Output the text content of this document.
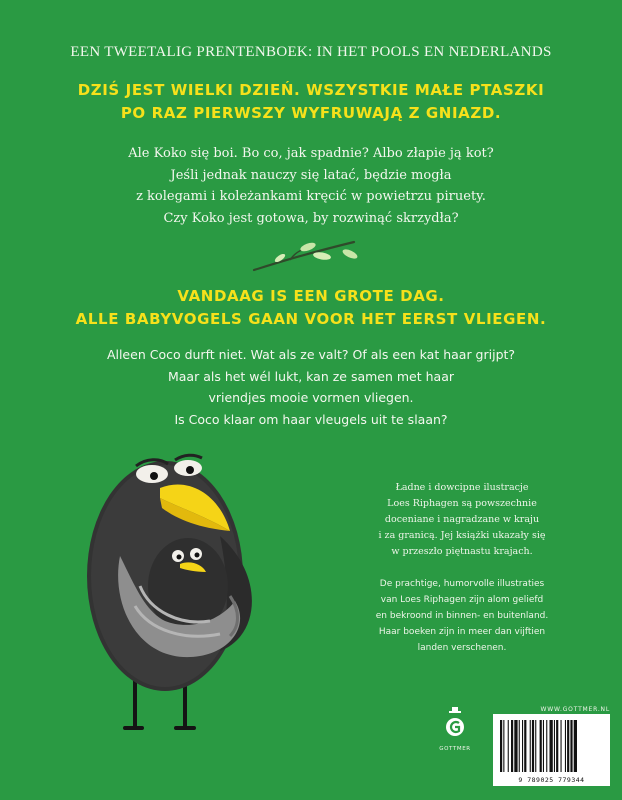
EEN TWEETALIG PRENTENBOEK: IN HET POOLS EN NEDERLANDS
DZIŚ JEST WIELKI DZIEŃ. WSZYSTKIE MAŁE PTASZKI
PO RAZ PIERWSZY WYFRUWAJĄ Z GNIAZD.
Ale Koko się boi. Bo co, jak spadnie? Albo złapie ją kot?
Jeśli jednak nauczy się latać, będzie mogła
z kolegami i koleżankami kręcić w powietrzu piruety.
Czy Koko jest gotowa, by rozwinąć skrzydła?
VANDAAG IS EEN GROTE DAG.
ALLE BABYVOGELS GAAN VOOR HET EERST VLIEGEN.
Alleen Coco durft niet. Wat als ze valt? Of als een kat haar grijpt?
Maar als het wél lukt, kan ze samen met haar
vriendjes mooie vormen vliegen.
Is Coco klaar om haar vleugels uit te slaan?
Ładne i dowcipne ilustracje
Loes Riphagen są powszechnie
doceniane i nagradzane w kraju
i za granicą. Jej książki ukazały się
w przeszło piętnastu krajach.
De prachtige, humorvolle illustraties
van Loes Riphagen zijn alom geliefd
en bekroond in binnen- en buitenland.
Haar boeken zijn in meer dan vijftien
landen verschenen.
GOTTMER
WWW.GOTTMER.NL
9 789025 779344
